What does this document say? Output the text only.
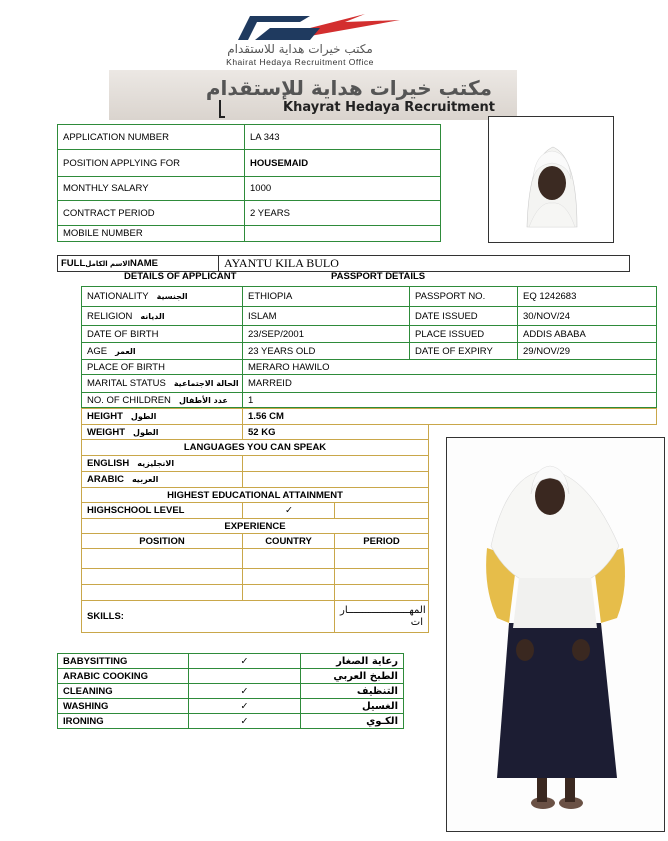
مكتب خيرات هداية للاستقدام
Khairat Hedaya Recruitment Office
مكتب خيرات هداية للإستقدام
Khayrat Hedaya Recruitment
APPLICATION NUMBER	LA 343
POSITION APPLYING FOR	HOUSEMAID
MONTHLY SALARY	1000
CONTRACT PERIOD	2 YEARS
MOBILE NUMBER	
FULL الاسم الكامل NAME	AYANTU KILA BULO
DETAILS OF APPLICANT	PASSPORT DETAILS
NATIONALITY الجنسية	ETHIOPIA	PASSPORT NO.	EQ 1242683
RELIGION الديانه	ISLAM	DATE ISSUED	30/NOV/24
DATE OF BIRTH	23/SEP/2001	PLACE ISSUED	ADDIS ABABA
AGE العمر	23 YEARS OLD	DATE OF EXPIRY	29/NOV/29
PLACE OF BIRTH	MERARO HAWILO		
MARITAL STATUS الحالة الاجتماعية	MARREID		
NO. OF CHILDREN عدد الأطفال	1		
HEIGHT الطول	1.56 CM
WEIGHT الطول	52 KG	
LANGUAGES YOU CAN SPEAK		
ENGLISH الانجليزيه		
ARABIC العربيه		
HIGHEST EDUCATIONAL ATTAINMENT		
HIGHSCHOOL LEVEL	✓	
EXPERIENCE		
POSITION	COUNTRY	PERIOD

SKILLS:		المهـــــــــــــــــــــار
ات
BABYSITTING	✓	رعاية الصغار
ARABIC COOKING		الطبخ العربي
CLEANING	✓	التنظيف
WASHING	✓	الغسيل
IRONING	✓	الكـوي
